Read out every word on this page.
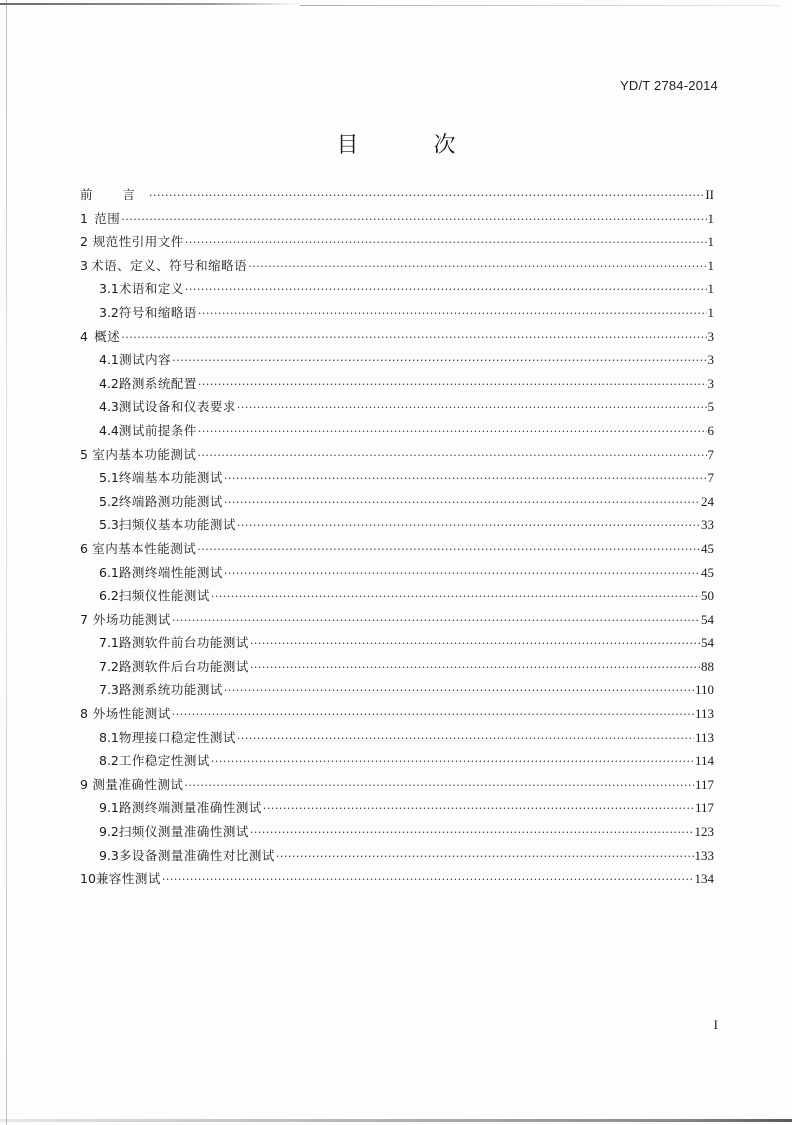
YD/T 2784-2014
目 次
前 言 ·····	II
1 范围 ·····	1
2 规范性引用文件 ·····	1
3 术语、定义、符号和缩略语 ·····	1
3.1 术语和定义 ·····	1
3.2 符号和缩略语 ·····	1
4 概述 ·····	3
4.1 测试内容 ·····	3
4.2 路测系统配置 ·····	3
4.3 测试设备和仪表要求 ·····	5
4.4 测试前提条件 ·····	6
5 室内基本功能测试 ·····	7
5.1 终端基本功能测试 ·····	7
5.2 终端路测功能测试 ·····	24
5.3 扫频仪基本功能测试 ·····	33
6 室内基本性能测试 ·····	45
6.1 路测终端性能测试 ·····	45
6.2 扫频仪性能测试 ·····	50
7 外场功能测试 ·····	54
7.1 路测软件前台功能测试 ·····	54
7.2 路测软件后台功能测试 ·····	88
7.3 路测系统功能测试 ·····	110
8 外场性能测试 ·····	113
8.1 物理接口稳定性测试 ·····	113
8.2 工作稳定性测试 ·····	114
9 测量准确性测试 ·····	117
9.1 路测终端测量准确性测试 ·····	117
9.2 扫频仪测量准确性测试 ·····	123
9.3 多设备测量准确性对比测试 ·····	133
10 兼容性测试 ·····	134
I
